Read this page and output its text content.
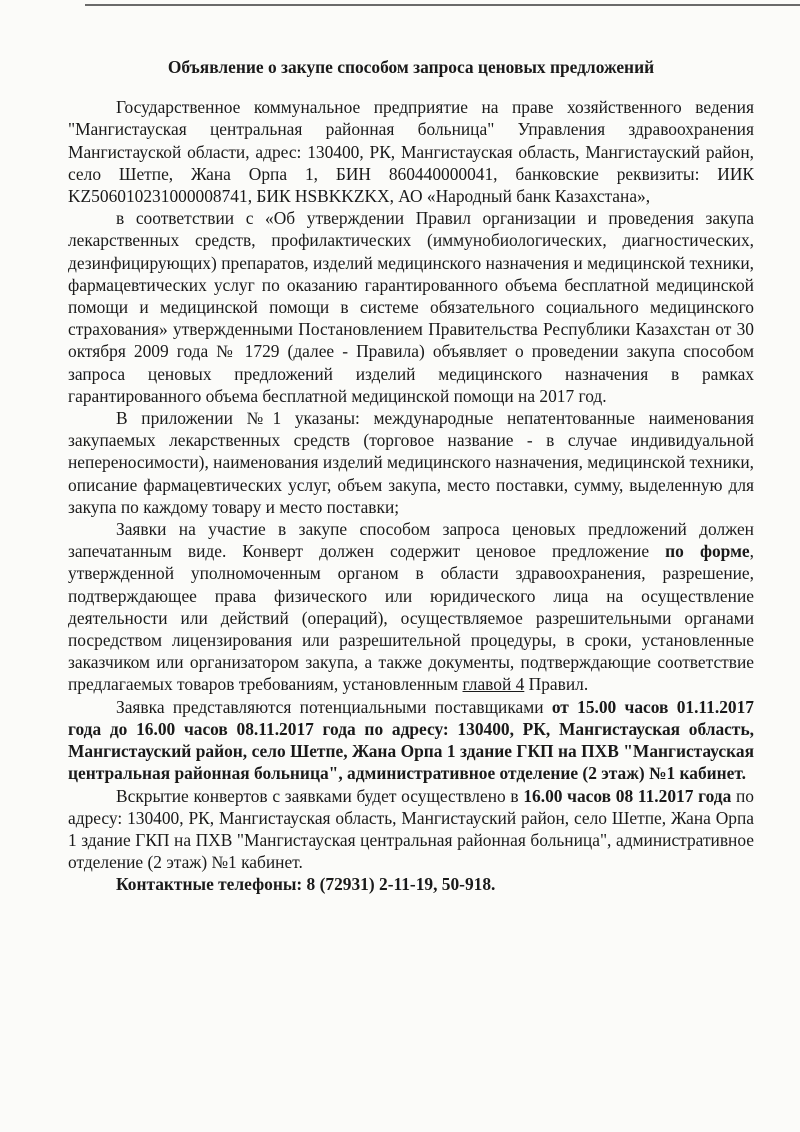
Объявление о закупе способом запроса ценовых предложений

Государственное коммунальное предприятие на праве хозяйственного ведения "Мангистауская центральная районная больница" Управления здравоохранения Мангистауской области, адрес: 130400, РК, Мангистауская область, Мангистауский район, село Шетпе, Жана Орпа 1, БИН 860440000041, банковские реквизиты: ИИК KZ506010231000008741, БИК HSBKKZKX, АО «Народный банк Казахстана»,

в соответствии с «Об утверждении Правил организации и проведения закупа лекарственных средств, профилактических (иммунобиологических, диагностических, дезинфицирующих) препаратов, изделий медицинского назначения и медицинской техники, фармацевтических услуг по оказанию гарантированного объема бесплатной медицинской помощи и медицинской помощи в системе обязательного социального медицинского страхования» утвержденными Постановлением Правительства Республики Казахстан от 30 октября 2009 года № 1729 (далее - Правила) объявляет о проведении закупа способом запроса ценовых предложений изделий медицинского назначения в рамках гарантированного объема бесплатной медицинской помощи на 2017 год.

В приложении №1 указаны: международные непатентованные наименования закупаемых лекарственных средств (торговое название - в случае индивидуальной непереносимости), наименования изделий медицинского назначения, медицинской техники, описание фармацевтических услуг, объем закупа, место поставки, сумму, выделенную для закупа по каждому товару и место поставки;

Заявки на участие в закупе способом запроса ценовых предложений должен запечатанным виде. Конверт должен содержит ценовое предложение по форме, утвержденной уполномоченным органом в области здравоохранения, разрешение, подтверждающее права физического или юридического лица на осуществление деятельности или действий (операций), осуществляемое разрешительными органами посредством лицензирования или разрешительной процедуры, в сроки, установленные заказчиком или организатором закупа, а также документы, подтверждающие соответствие предлагаемых товаров требованиям, установленным главой 4 Правил.

Заявка представляются потенциальными поставщиками от 15.00 часов 01.11.2017 года до 16.00 часов 08.11.2017 года по адресу: 130400, РК, Мангистауская область, Мангистауский район, село Шетпе, Жана Орпа 1 здание ГКП на ПХВ "Мангистауская центральная районная больница", административное отделение (2 этаж) №1 кабинет.

Вскрытие конвертов с заявками будет осуществлено в 16.00 часов 08 11.2017 года по адресу: 130400, РК, Мангистауская область, Мангистауский район, село Шетпе, Жана Орпа 1 здание ГКП на ПХВ "Мангистауская центральная районная больница", административное отделение (2 этаж) №1 кабинет.

Контактные телефоны: 8 (72931) 2-11-19, 50-918.
